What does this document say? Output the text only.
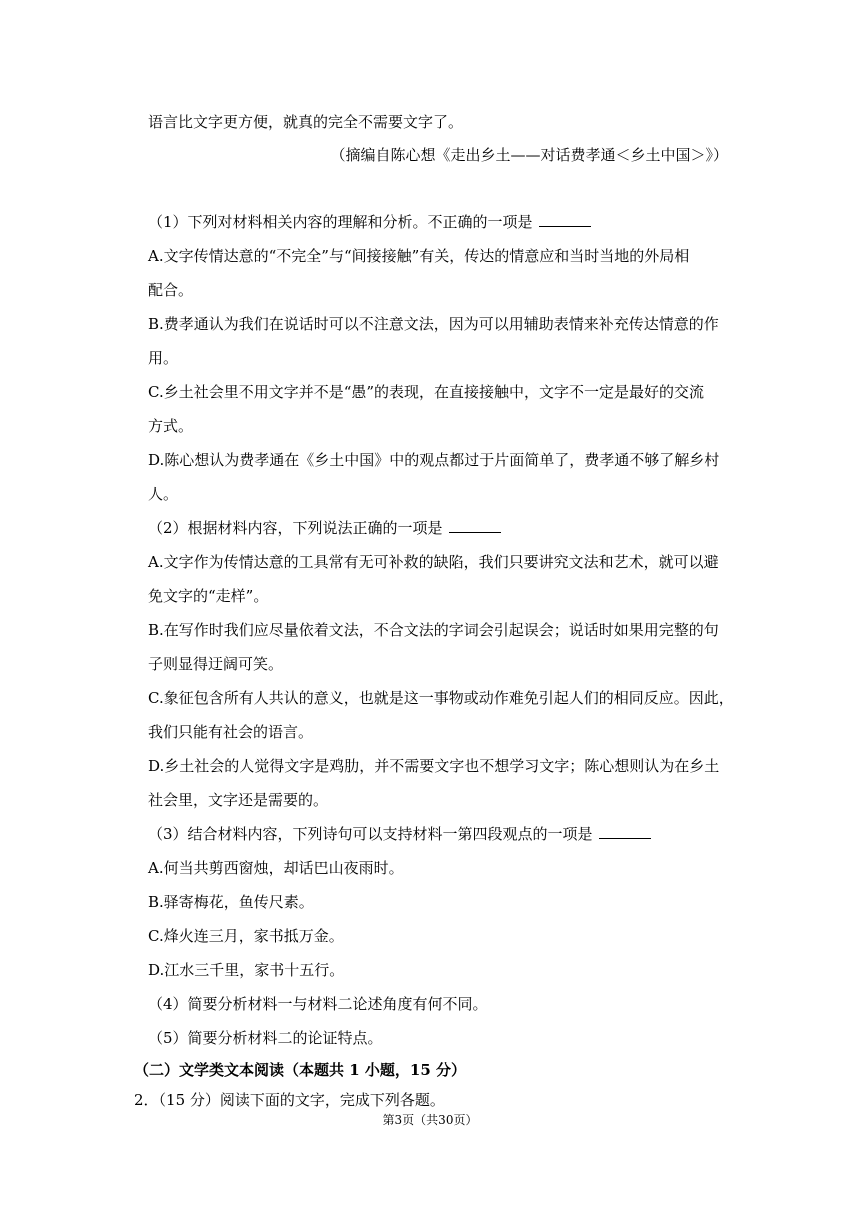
语言比文字更方便，就真的完全不需要文字了。
（摘编自陈心想《走出乡土——对话费孝通＜乡土中国＞》）
（1）下列对材料相关内容的理解和分析。不正确的一项是
A.文字传情达意的“不完全”与“间接接触”有关，传达的情意应和当时当地的外局相
配合。
B.费孝通认为我们在说话时可以不注意文法，因为可以用辅助表情来补充传达情意的作
用。
C.乡土社会里不用文字并不是“愚”的表现，在直接接触中，文字不一定是最好的交流
方式。
D.陈心想认为费孝通在《乡土中国》中的观点都过于片面简单了，费孝通不够了解乡村
人。
（2）根据材料内容，下列说法正确的一项是
A.文字作为传情达意的工具常有无可补救的缺陷，我们只要讲究文法和艺术，就可以避
免文字的“走样”。
B.在写作时我们应尽量依着文法，不合文法的字词会引起误会；说话时如果用完整的句
子则显得迂阔可笑。
C.象征包含所有人共认的意义，也就是这一事物或动作难免引起人们的相同反应。因此，
我们只能有社会的语言。
D.乡土社会的人觉得文字是鸡肋，并不需要文字也不想学习文字；陈心想则认为在乡土
社会里，文字还是需要的。
（3）结合材料内容，下列诗句可以支持材料一第四段观点的一项是
A.何当共剪西窗烛，却话巴山夜雨时。
B.驿寄梅花，鱼传尺素。
C.烽火连三月，家书抵万金。
D.江水三千里，家书十五行。
（4）简要分析材料一与材料二论述角度有何不同。
（5）简要分析材料二的论证特点。
（二）文学类文本阅读（本题共 1 小题，15 分）
2．（15 分）阅读下面的文字，完成下列各题。
第3页（共30页）
